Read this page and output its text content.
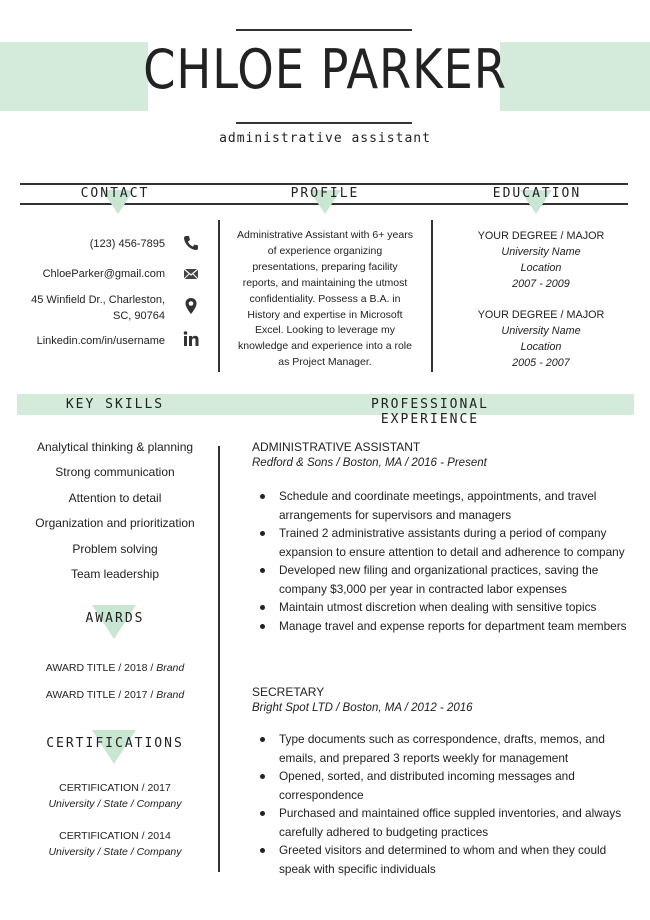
CHLOE PARKER
administrative assistant
CONTACT	PROFILE	EDUCATION
(123) 456-7895
ChloeParker@gmail.com
45 Winfield Dr., Charleston,
SC, 90764
Linkedin.com/in/username
Administrative Assistant with 6+ years of experience organizing presentations, preparing facility reports, and maintaining the utmost confidentiality. Possess a B.A. in History and expertise in Microsoft Excel. Looking to leverage my knowledge and experience into a role as Project Manager.
YOUR DEGREE / MAJOR
University Name
Location
2007 - 2009
YOUR DEGREE / MAJOR
University Name
Location
2005 - 2007
KEY SKILLS	PROFESSIONAL EXPERIENCE
Analytical thinking & planning
Strong communication
Attention to detail
Organization and prioritization
Problem solving
Team leadership
AWARDS
AWARD TITLE / 2018 / Brand
AWARD TITLE / 2017 / Brand
CERTIFICATIONS
CERTIFICATION / 2017
University / State / Company
CERTIFICATION / 2014
University / State / Company
ADMINISTRATIVE ASSISTANT
Redford & Sons / Boston, MA / 2016 - Present
Schedule and coordinate meetings, appointments, and travel arrangements for supervisors and managers
Trained 2 administrative assistants during a period of company expansion to ensure attention to detail and adherence to company
Developed new filing and organizational practices, saving the company $3,000 per year in contracted labor expenses
Maintain utmost discretion when dealing with sensitive topics
Manage travel and expense reports for department team members
SECRETARY
Bright Spot LTD / Boston, MA / 2012 - 2016
Type documents such as correspondence, drafts, memos, and emails, and prepared 3 reports weekly for management
Opened, sorted, and distributed incoming messages and correspondence
Purchased and maintained office suppled inventories, and always carefully adhered to budgeting practices
Greeted visitors and determined to whom and when they could speak with specific individuals
